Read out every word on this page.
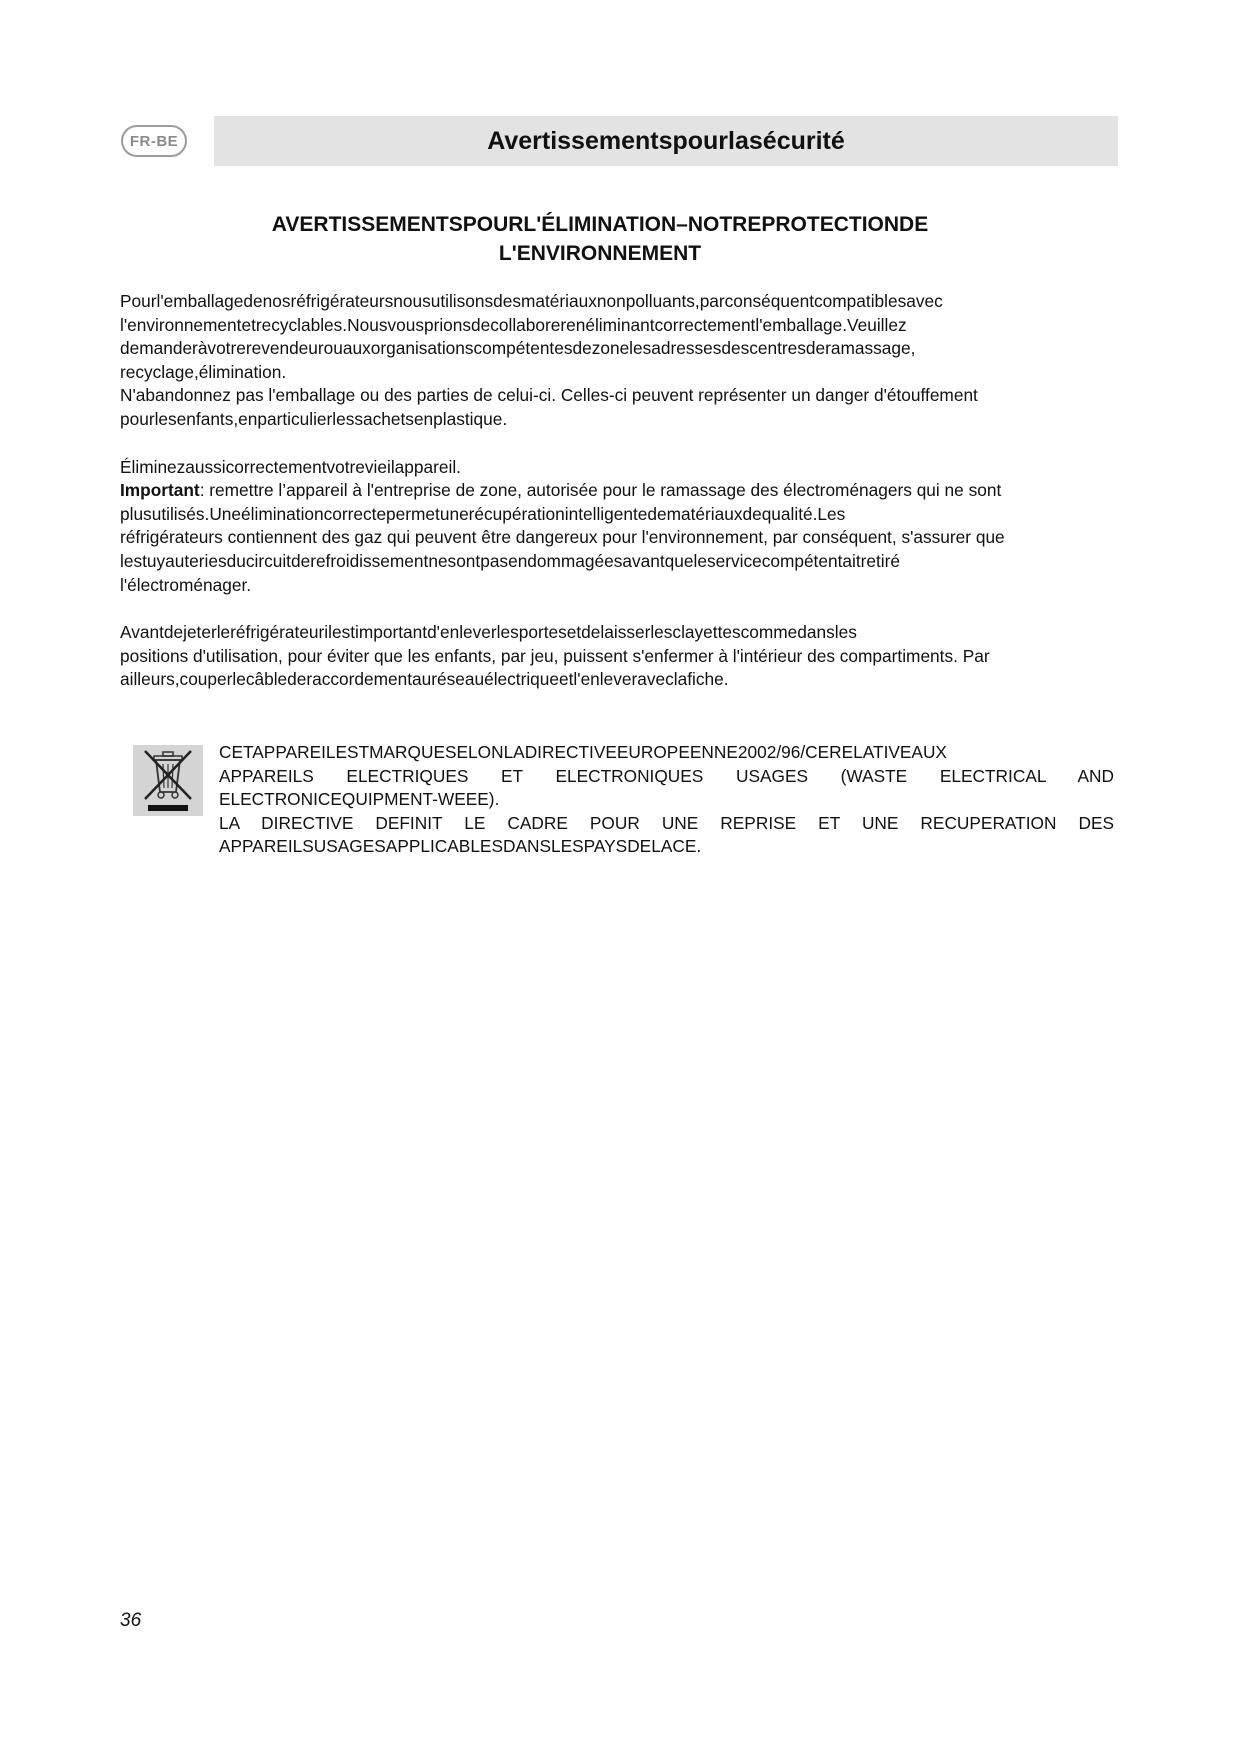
FR-BE	Avertissementspourlasécurité
AVERTISSEMENTSPOURL'ÉLIMINATION–NOTREPROTECTIONDE
L'ENVIRONNEMENT

Pourl'emballagedenosréfrigérateursnousutilisonsdesmatériauxnonpolluants,parconséquentcompatiblesavec

l'environnementetrecyclables.Nousvousprionsdecollaborerenéliminantcorrectementl'emballage.Veuillez

demanderàvotrerevendeurouauxorganisationscompétentesdezonelesadressesdescentresderamassage,

recyclage,élimination.

N'abandonnez pas l'emballage ou des parties de celui-ci. Celles-ci peuvent représenter un danger d'étouffement

pourlesenfants,enparticulierlessachetsenplastique.

Éliminezaussicorrectementvotrevieilappareil.

Important: remettre l’appareil à l'entreprise de zone, autorisée pour le ramassage des électroménagers qui ne sont

plusutilisés.Uneéliminationcorrectepermetunerécupérationintelligentedematériauxdequalité.Les

réfrigérateurs contiennent des gaz qui peuvent être dangereux pour l'environnement, par conséquent, s'assurer que

lestuyauteriesducircuitderefroidissementnesontpasendommagéesavantqueleservicecompétentaitretiré

l'électroménager.

Avantdejeterleréfrigérateurilestimportantd'enleverlesportesetdelaisserlesclayettescommedansles

positions d'utilisation, pour éviter que les enfants, par jeu, puissent s'enfermer à l'intérieur des compartiments. Par

ailleurs,couperlecâblederaccordementauréseauélectriqueetl'enleveraveclafiche.

CETAPPAREILESTMARQUESELONLADIRECTIVEEUROPEENNE2002/96/CERELATIVEAUX

APPAREILS ELECTRIQUES ET ELECTRONIQUES USAGES (WASTE ELECTRICAL AND

ELECTRONICEQUIPMENT-WEEE).

LA DIRECTIVE DEFINIT LE CADRE POUR UNE REPRISE ET UNE RECUPERATION DES

APPAREILSUSAGESAPPLICABLESDANSLESPAYSDELACE.

36
